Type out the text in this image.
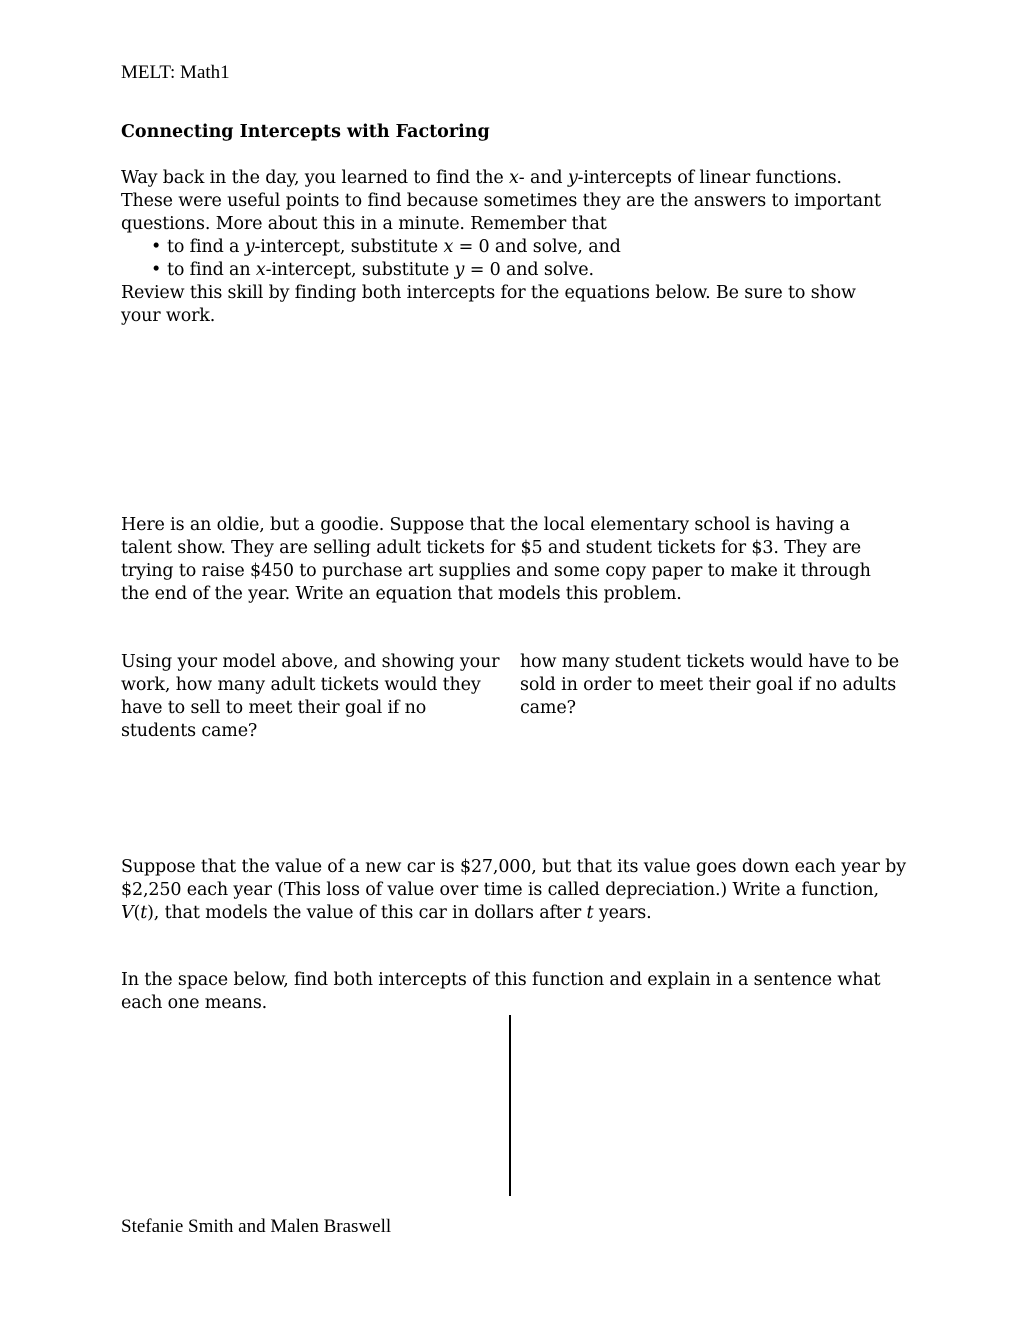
MELT: Math1
Connecting Intercepts with Factoring
Way back in the day, you learned to find the x- and y-intercepts of linear functions.
These were useful points to find because sometimes they are the answers to important
questions. More about this in a minute. Remember that
• to find a y-intercept, substitute x = 0 and solve, and
• to find an x-intercept, substitute y = 0 and solve.
Review this skill by finding both intercepts for the equations below. Be sure to show
your work.
Here is an oldie, but a goodie. Suppose that the local elementary school is having a
talent show. They are selling adult tickets for $5 and student tickets for $3. They are
trying to raise $450 to purchase art supplies and some copy paper to make it through
the end of the year. Write an equation that models this problem.
Using your model above, and showing your
work, how many adult tickets would they
have to sell to meet their goal if no
students came?
how many student tickets would have to be
sold in order to meet their goal if no adults
came?
Suppose that the value of a new car is $27,000, but that its value goes down each year by
$2,250 each year (This loss of value over time is called depreciation.) Write a function,
V(t), that models the value of this car in dollars after t years.
In the space below, find both intercepts of this function and explain in a sentence what
each one means.
Stefanie Smith and Malen Braswell
